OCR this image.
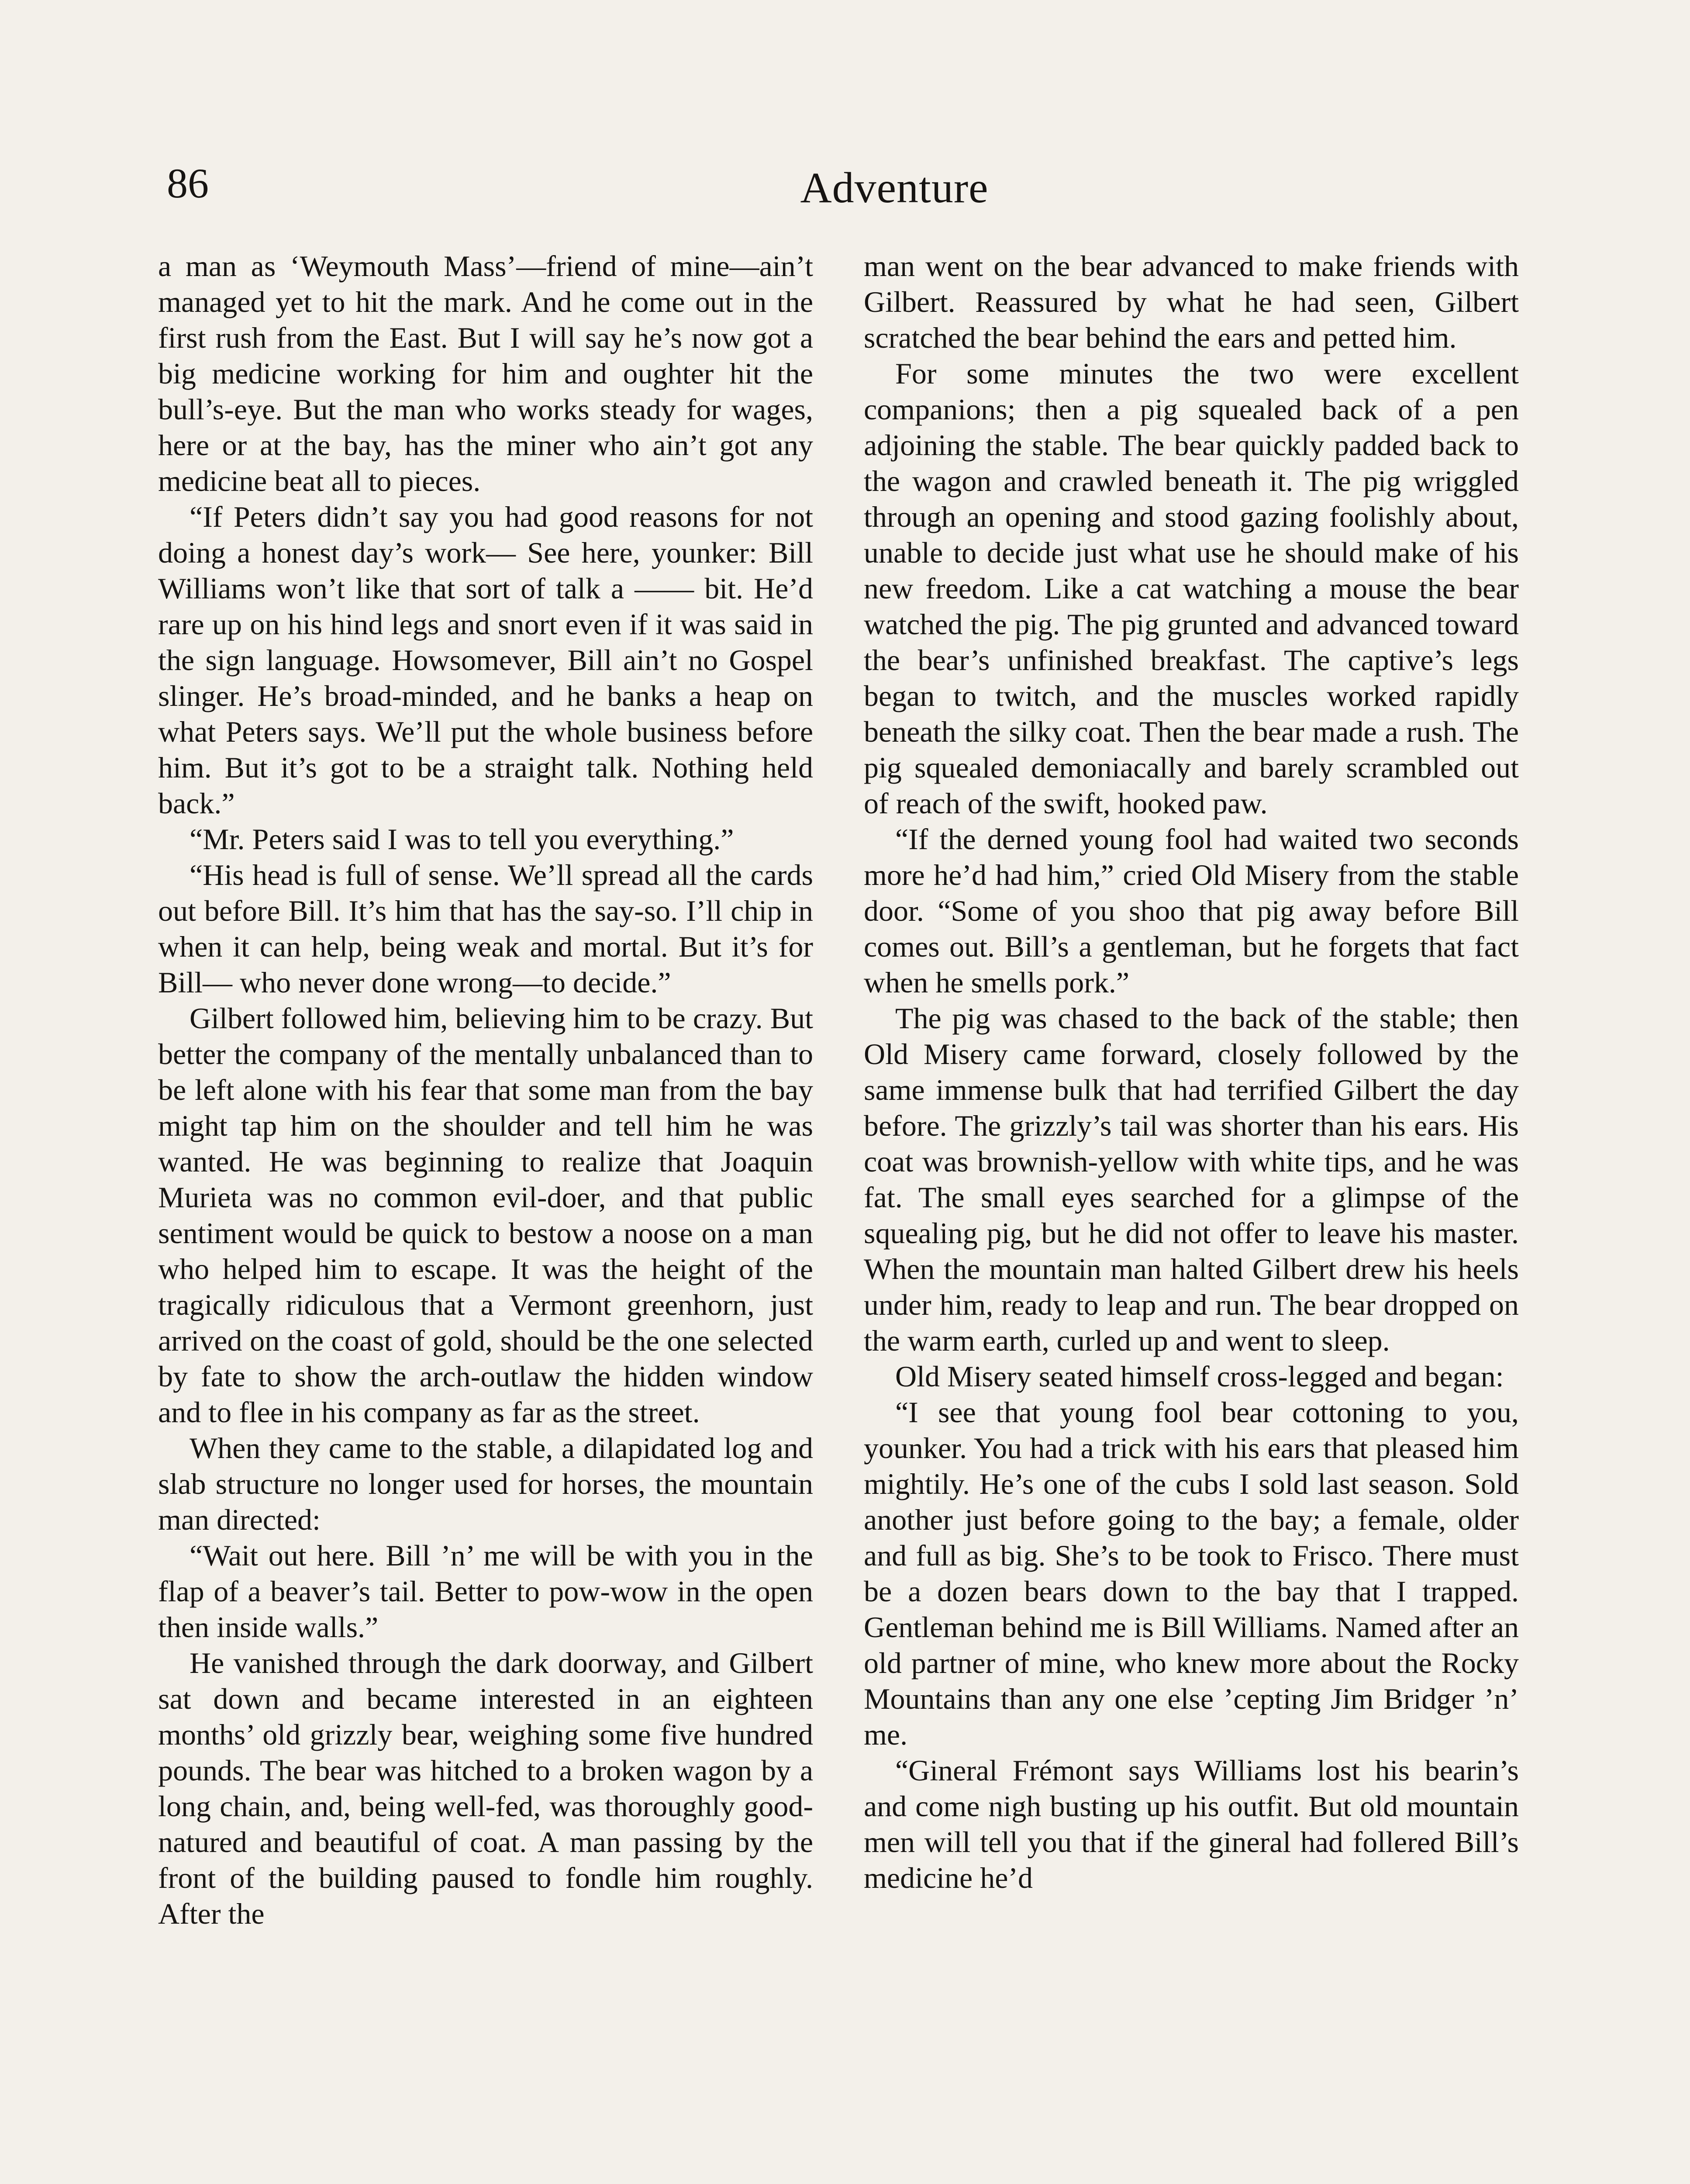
86	Adventure

a man as ‘Weymouth Mass’—friend of mine—ain’t managed yet to hit the mark. And he come out in the first rush from the East. But I will say he’s now got a big medicine working for him and oughter hit the bull’s-eye. But the man who works steady for wages, here or at the bay, has the miner who ain’t got any medicine beat all to pieces.

“If Peters didn’t say you had good reasons for not doing a honest day’s work— See here, younker: Bill Williams won’t like that sort of talk a —— bit. He’d rare up on his hind legs and snort even if it was said in the sign language. Howsomever, Bill ain’t no Gospel slinger. He’s broad-minded, and he banks a heap on what Peters says. We’ll put the whole business before him. But it’s got to be a straight talk. Nothing held back.”

“Mr. Peters said I was to tell you everything.”

“His head is full of sense. We’ll spread all the cards out before Bill. It’s him that has the say-so. I’ll chip in when it can help, being weak and mortal. But it’s for Bill— who never done wrong—to decide.”

Gilbert followed him, believing him to be crazy. But better the company of the mentally unbalanced than to be left alone with his fear that some man from the bay might tap him on the shoulder and tell him he was wanted. He was beginning to realize that Joaquin Murieta was no common evil-doer, and that public sentiment would be quick to bestow a noose on a man who helped him to escape. It was the height of the tragically ridiculous that a Vermont greenhorn, just arrived on the coast of gold, should be the one selected by fate to show the arch-outlaw the hidden window and to flee in his company as far as the street.

When they came to the stable, a dilapidated log and slab structure no longer used for horses, the mountain man directed:

“Wait out here. Bill ’n’ me will be with you in the flap of a beaver’s tail. Better to pow-wow in the open then inside walls.”

He vanished through the dark doorway, and Gilbert sat down and became interested in an eighteen months’ old grizzly bear, weighing some five hundred pounds. The bear was hitched to a broken wagon by a long chain, and, being well-fed, was thoroughly good-natured and beautiful of coat. A man passing by the front of the building paused to fondle him roughly. After the

man went on the bear advanced to make friends with Gilbert. Reassured by what he had seen, Gilbert scratched the bear behind the ears and petted him.

For some minutes the two were excellent companions; then a pig squealed back of a pen adjoining the stable. The bear quickly padded back to the wagon and crawled beneath it. The pig wriggled through an opening and stood gazing foolishly about, unable to decide just what use he should make of his new freedom. Like a cat watching a mouse the bear watched the pig. The pig grunted and advanced toward the bear’s unfinished breakfast. The captive’s legs began to twitch, and the muscles worked rapidly beneath the silky coat. Then the bear made a rush. The pig squealed demoniacally and barely scrambled out of reach of the swift, hooked paw.

“If the derned young fool had waited two seconds more he’d had him,” cried Old Misery from the stable door. “Some of you shoo that pig away before Bill comes out. Bill’s a gentleman, but he forgets that fact when he smells pork.”

The pig was chased to the back of the stable; then Old Misery came forward, closely followed by the same immense bulk that had terrified Gilbert the day before. The grizzly’s tail was shorter than his ears. His coat was brownish-yellow with white tips, and he was fat. The small eyes searched for a glimpse of the squealing pig, but he did not offer to leave his master. When the mountain man halted Gilbert drew his heels under him, ready to leap and run. The bear dropped on the warm earth, curled up and went to sleep.

Old Misery seated himself cross-legged and began:

“I see that young fool bear cottoning to you, younker. You had a trick with his ears that pleased him mightily. He’s one of the cubs I sold last season. Sold another just before going to the bay; a female, older and full as big. She’s to be took to Frisco. There must be a dozen bears down to the bay that I trapped. Gentleman behind me is Bill Williams. Named after an old partner of mine, who knew more about the Rocky Mountains than any one else ’cepting Jim Bridger ’n’ me.

“Gineral Frémont says Williams lost his bearin’s and come nigh busting up his outfit. But old mountain men will tell you that if the gineral had follered Bill’s medicine he’d
